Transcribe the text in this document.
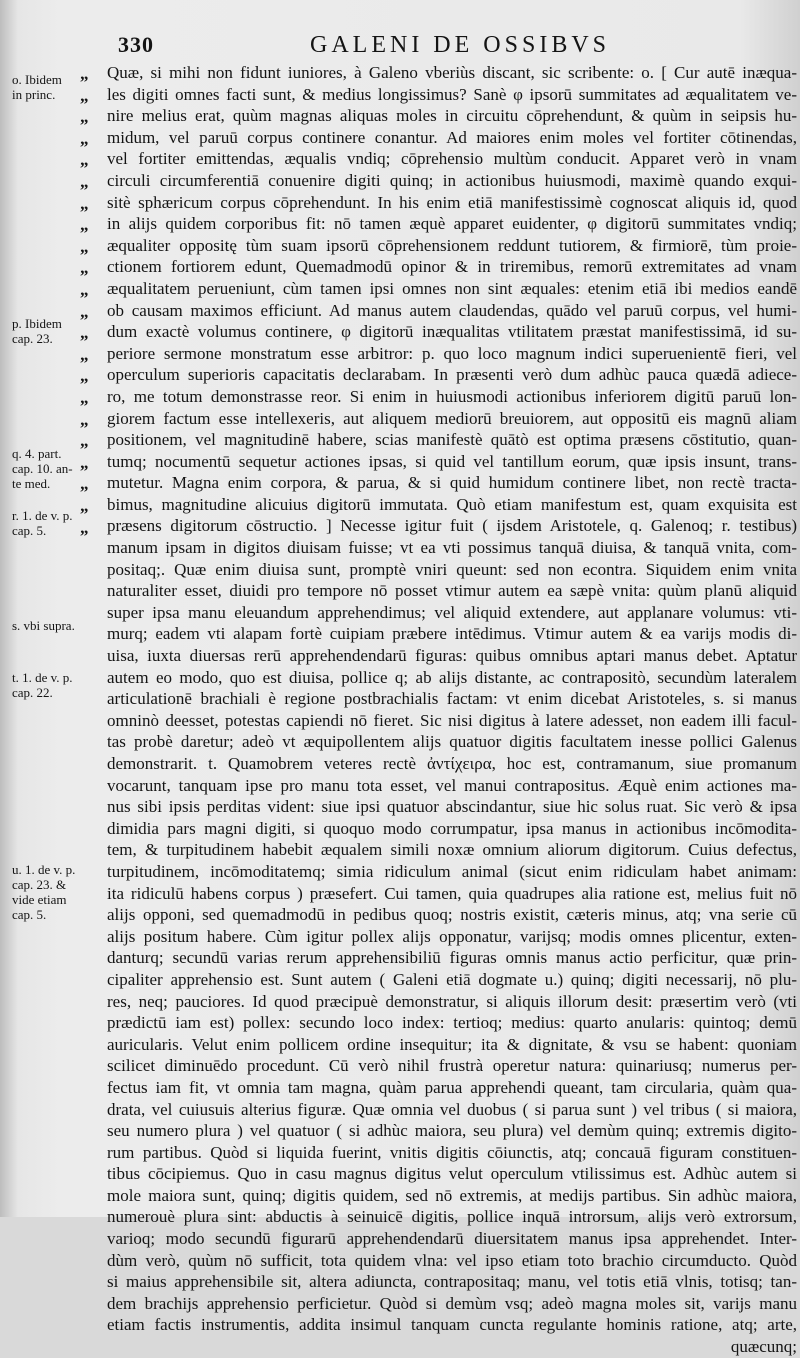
330	GALENI DE OSSIBVS
o. Ibidem
in princ.
p. Ibidem
cap. 23.
q. 4. part.
cap. 10. an-
te med.
r. 1. de v. p.
cap. 5.
s. vbi supra.
t. 1. de v. p.
cap. 22.
u. 1. de v. p.
cap. 23. &
vide etiam
cap. 5.
„
„
„
„
„
„
„
„
„
„
„
„
„
„
„
„
„
„
„
„
„
„
Quæ, si mihi non fidunt iuniores, à Galeno vberiùs discant, sic scribente: o. [ Cur autē inæqua-
les digiti omnes facti sunt, & medius longissimus? Sanè φ ipsorū summitates ad æqualitatem ve-
nire melius erat, quùm magnas aliquas moles in circuitu cōprehendunt, & quùm in seipsis hu-
midum, vel paruū corpus continere conantur. Ad maiores enim moles vel fortiter cōtinendas,
vel fortiter emittendas, æqualis vndiq; cōprehensio multùm conducit. Apparet verò in vnam
circuli circumferentiā conuenire digiti quinq; in actionibus huiusmodi, maximè quando exqui-
sitè sphæricum corpus cōprehendunt. In his enim etiā manifestissimè cognoscat aliquis id, quod
in alijs quidem corporibus fit: nō tamen æquè apparet euidenter, φ digitorū summitates vndiq;
æqualiter oppositę tùm suam ipsorū cōprehensionem reddunt tutiorem, & firmiorē, tùm proie-
ctionem fortiorem edunt, Quemadmodū opinor & in triremibus, remorū extremitates ad vnam
æqualitatem perueniunt, cùm tamen ipsi omnes non sint æquales: etenim etiā ibi medios eandē
ob causam maximos efficiunt. Ad manus autem claudendas, quādo vel paruū corpus, vel humi-
dum exactè volumus continere, φ digitorū inæqualitas vtilitatem præstat manifestissimā, id su-
periore sermone monstratum esse arbitror: p. quo loco magnum indici superuenientē fieri, vel
operculum superioris capacitatis declarabam. In præsenti verò dum adhùc pauca quædā adiece-
ro, me totum demonstrasse reor. Si enim in huiusmodi actionibus inferiorem digitū paruū lon-
giorem factum esse intellexeris, aut aliquem mediorū breuiorem, aut oppositū eis magnū aliam
positionem, vel magnitudinē habere, scias manifestè quātò est optima præsens cōstitutio, quan-
tumq; nocumentū sequetur actiones ipsas, si quid vel tantillum eorum, quæ ipsis insunt, trans-
mutetur. Magna enim corpora, & parua, & si quid humidum continere libet, non rectè tracta-
bimus, magnitudine alicuius digitorū immutata. Quò etiam manifestum est, quam exquisita est
præsens digitorum cōstructio. ] Necesse igitur fuit ( ijsdem Aristotele, q. Galenoq; r. testibus)
manum ipsam in digitos diuisam fuisse; vt ea vti possimus tanquā diuisa, & tanquā vnita, com-
positaq;. Quæ enim diuisa sunt, promptè vniri queunt: sed non econtra. Siquidem enim vnita
naturaliter esset, diuidi pro tempore nō posset vtimur autem ea sæpè vnita: quùm planū aliquid
super ipsa manu eleuandum apprehendimus; vel aliquid extendere, aut applanare volumus: vti-
murq; eadem vti alapam fortè cuipiam præbere intēdimus. Vtimur autem & ea varijs modis di-
uisa, iuxta diuersas rerū apprehendendarū figuras: quibus omnibus aptari manus debet. Aptatur
autem eo modo, quo est diuisa, pollice q; ab alijs distante, ac contrapositò, secundùm lateralem
articulationē brachiali è regione postbrachialis factam: vt enim dicebat Aristoteles, s. si manus
omninò deesset, potestas capiendi nō fieret. Sic nisi digitus à latere adesset, non eadem illi facul-
tas probè daretur; adeò vt æquipollentem alijs quatuor digitis facultatem inesse pollici Galenus
demonstrarit. t. Quamobrem veteres rectè ἀντίχειρα, hoc est, contramanum, siue promanum
vocarunt, tanquam ipse pro manu tota esset, vel manui contrapositus. Æquè enim actiones ma-
nus sibi ipsis perditas vident: siue ipsi quatuor abscindantur, siue hic solus ruat. Sic verò & ipsa
dimidia pars magni digiti, si quoquo modo corrumpatur, ipsa manus in actionibus incōmodita-
tem, & turpitudinem habebit æqualem simili noxæ omnium aliorum digitorum. Cuius defectus,
turpitudinem, incōmoditatemq; simia ridiculum animal (sicut enim ridiculam habet animam:
ita ridiculū habens corpus ) præsefert. Cui tamen, quia quadrupes alia ratione est, melius fuit nō
alijs opponi, sed quemadmodū in pedibus quoq; nostris existit, cæteris minus, atq; vna serie cū
alijs positum habere. Cùm igitur pollex alijs opponatur, varijsq; modis omnes plicentur, exten-
danturq; secundū varias rerum apprehensibiliū figuras omnis manus actio perficitur, quæ prin-
cipaliter apprehensio est. Sunt autem ( Galeni etiā dogmate u.) quinq; digiti necessarij, nō plu-
res, neq; pauciores. Id quod præcipuè demonstratur, si aliquis illorum desit: præsertim verò (vti
prædictū iam est) pollex: secundo loco index: tertioq; medius: quarto anularis: quintoq; demū
auricularis. Velut enim pollicem ordine insequitur; ita & dignitate, & vsu se habent: quoniam
scilicet diminuēdo procedunt. Cū verò nihil frustrà operetur natura: quinariusq; numerus per-
fectus iam fit, vt omnia tam magna, quàm parua apprehendi queant, tam circularia, quàm qua-
drata, vel cuiusuis alterius figuræ. Quæ omnia vel duobus ( si parua sunt ) vel tribus ( si maiora,
seu numero plura ) vel quatuor ( si adhùc maiora, seu plura) vel demùm quinq; extremis digito-
rum partibus. Quòd si liquida fuerint, vnitis digitis cōiunctis, atq; concauā figuram constituen-
tibus cōcipiemus. Quo in casu magnus digitus velut operculum vtilissimus est. Adhùc autem si
mole maiora sunt, quinq; digitis quidem, sed nō extremis, at medijs partibus. Sin adhùc maiora,
numerouè plura sint: abductis à seinuicē digitis, pollice inquā introrsum, alijs verò extrorsum,
varioq; modo secundū figurarū apprehendendarū diuersitatem manus ipsa apprehendet. Inter-
dùm verò, quùm nō sufficit, tota quidem vlna: vel ipso etiam toto brachio circumducto. Quòd
si maius apprehensibile sit, altera adiuncta, contrapositaq; manu, vel totis etiā vlnis, totisq; tan-
dem brachijs apprehensio perficietur. Quòd si demùm vsq; adeò magna moles sit, varijs manu
etiam factis instrumentis, addita insimul tanquam cuncta regulante hominis ratione, atq; arte,
quæcunq;
